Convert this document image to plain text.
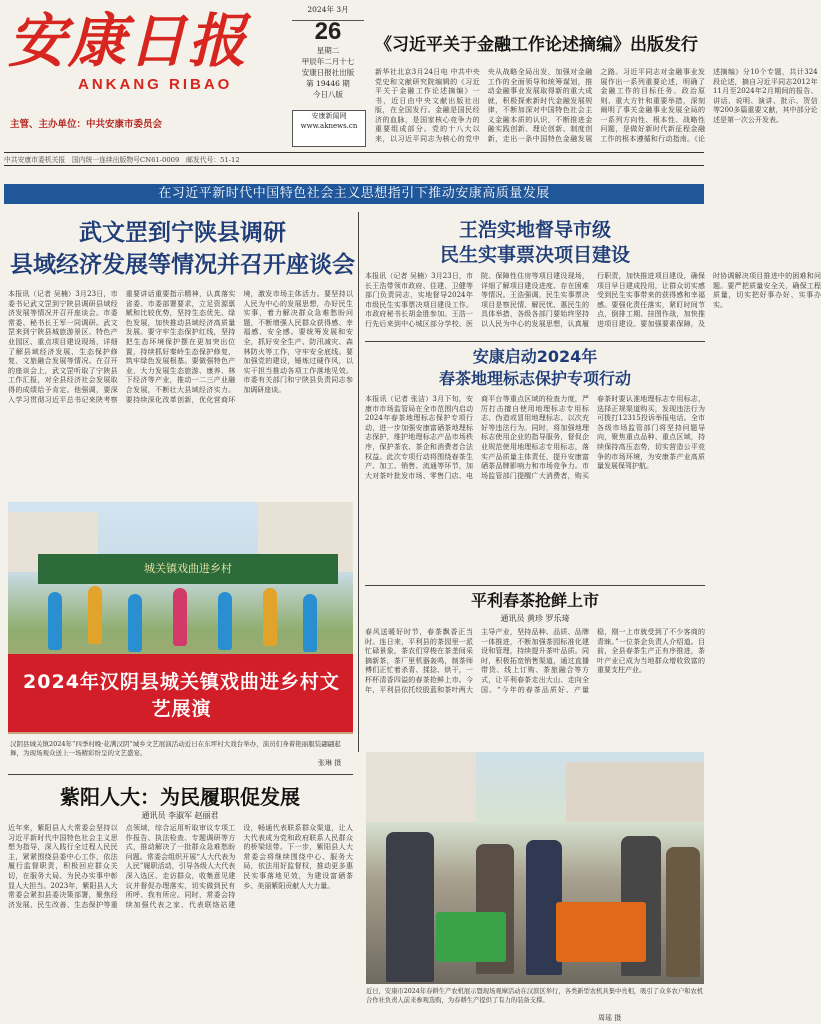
安康日报
ANKANG RIBAO
主管、主办单位：中共安康市委员会
2024年 3月
26
星期二
甲辰年二月十七
安康日报社出版
第 19446 期
今日八版
安康新闻网
www.aknews.cn
《习近平关于金融工作论述摘编》出版发行
新华社北京3月24日电 中共中央党史和文献研究院编辑的《习近平关于金融工作论述摘编》一书，近日由中央文献出版社出版，在全国发行。金融是国民经济的血脉，是国家核心竞争力的重要组成部分。党的十八大以来，以习近平同志为核心的党中央从战略全局出发，加强对金融工作的全面领导和统筹谋划，推动金融事业发展取得新的重大成就，积极探索新时代金融发展规律，不断加深对中国特色社会主义金融本质的认识，不断推进金融实践创新、理论创新、制度创新，走出一条中国特色金融发展之路。习近平同志对金融事业发展作出一系列重要论述，明确了金融工作的目标任务、政治原则、重大方针和重要举措，深刻阐明了事关金融事业发展全局的一系列方向性、根本性、战略性问题，是做好新时代新征程金融工作的根本遵循和行动指南。《论述摘编》分10个专题，共计324段论述，摘自习近平同志2012年11月至2024年2月期间的报告、讲话、说明、演讲、批示、贺信等200多篇重要文献，其中部分论述是第一次公开发表。
中共安康市委机关报　国内统一连续出版物号CN61-0009　邮发代号：51-12
在习近平新时代中国特色社会主义思想指引下推动安康高质量发展
武文罡到宁陕县调研
县域经济发展等情况并召开座谈会
本报讯（记者 吴楠）3月23日，市委书记武文罡到宁陕县调研县域经济发展等情况并召开座谈会。市委常委、秘书长王军一同调研。武文罡来到宁陕县城旅游景区、特色产业园区、重点项目建设现场，详细了解县域经济发展、生态保护修复、文旅融合发展等情况。在召开的座谈会上，武文罡听取了宁陕县工作汇报，对全县经济社会发展取得的成绩给予肯定。他强调，要深入学习贯彻习近平总书记来陕考察重要讲话重要指示精神，认真落实省委、市委部署要求，立足资源禀赋和比较优势，坚持生态优先、绿色发展，加快推动县域经济高质量发展。要守牢生态保护红线，坚持把生态环境保护摆在更加突出位置，持续抓好秦岭生态保护修复，筑牢绿色发展根基。要做强特色产业，大力发展生态旅游、康养、林下经济等产业，推动一二三产业融合发展，不断壮大县域经济实力。要持续深化改革创新，优化营商环境，激发市场主体活力。要坚持以人民为中心的发展思想，办好民生实事，着力解决群众急难愁盼问题，不断增强人民群众获得感、幸福感、安全感。要统筹发展和安全，抓好安全生产、防汛减灾、森林防火等工作，守牢安全底线。要加强党的建设，锤炼过硬作风，以实干担当推动各项工作落地见效。市委有关部门和宁陕县负责同志参加调研座谈。
王浩实地督导市级
民生实事票决项目建设
本报讯（记者 吴楠）3月23日，市长王浩带领市政府、住建、卫健等部门负责同志，实地督导2024年市级民生实事票决项目建设工作。市政府秘书长胡金胜参加。王浩一行先后来到中心城区部分学校、医院、保障性住房等项目建设现场，详细了解项目建设进度、存在困难等情况。王浩强调，民生实事票决项目是察民情、解民忧、惠民生的具体举措，各级各部门要始终坚持以人民为中心的发展思想，认真履行职责，加快推进项目建设，确保项目早日建成投用，让群众切实感受到民生实事带来的获得感和幸福感。要强化责任落实，紧盯时间节点，倒排工期、挂图作战，加快推进项目建设。要加强要素保障，及时协调解决项目推进中的困难和问题。要严把质量安全关，确保工程质量，切实把好事办好、实事办实。
安康启动2024年
春茶地理标志保护专项行动
本报讯（记者 张洁）3月下旬，安康市市场监管局在全市范围内启动2024年春茶地理标志保护专项行动，进一步加强安康富硒茶地理标志保护，维护地理标志产品市场秩序，保护茶农、茶企和消费者合法权益。此次专项行动将围绕春茶生产、加工、销售、流通等环节，加大对茶叶批发市场、零售门店、电商平台等重点区域的检查力度，严厉打击擅自使用地理标志专用标志、伪造或冒用地理标志、以次充好等违法行为。同时，将加强地理标志使用企业的指导服务，督促企业规范使用地理标志专用标志，落实产品质量主体责任，提升安康富硒茶品牌影响力和市场竞争力。市场监管部门提醒广大消费者，购买春茶时要认准地理标志专用标志，选择正规渠道购买，发现违法行为可拨打12315投诉举报电话。全市各级市场监管部门将坚持问题导向，聚焦重点品种、重点区域，持续保持高压态势，切实营造公平竞争的市场环境，为安康茶产业高质量发展保驾护航。
平利春茶抢鲜上市
通讯员 黄珍 罗乐琦
春风送暖好时节，春茶飘香正当时。连日来，平利县的茶园里一派忙碌景象，茶农们穿梭在茶垄间采摘新茶，茶厂里机器轰鸣，制茶师傅们正忙着杀青、揉捻、烘干，一杯杯清香四溢的春茶抢鲜上市。今年，平利县依托绞股蓝和茶叶两大主导产业，坚持品种、品质、品牌一体推进，不断加强茶园标准化建设和管理，持续提升茶叶品质。同时，积极拓宽销售渠道，通过直播带货、线上订购、茶旅融合等方式，让平利春茶走出大山、走向全国。“今年的春茶品质好、产量稳，刚一上市就受到了不少客商的青睐。”一位茶企负责人介绍道。目前，全县春茶生产正有序推进，茶叶产业已成为当地群众增收致富的重要支柱产业。
城关镇戏曲进乡村
2024年汉阴县城关镇戏曲进乡村文艺展演
汉阴县城关镇2024年“四季村晚·花满汉阴”城乡文艺展演活动近日在东坪村大戏台举办，演员们身着艳丽服装翩翩起舞，为现场观众送上一场精彩纷呈的文艺盛宴。
张琳 摄
紫阳人大：为民履职促发展
通讯员 李淑军 赵丽君
近年来，紫阳县人大常委会坚持以习近平新时代中国特色社会主义思想为指导，深入践行全过程人民民主，紧紧围绕县委中心工作，依法履行监督职责，积极回应群众关切，在服务大局、为民办实事中彰显人大担当。2023年，紫阳县人大常委会紧扣县委决策部署，聚焦经济发展、民生改善、生态保护等重点领域，综合运用听取审议专项工作报告、执法检查、专题调研等方式，推动解决了一批群众急难愁盼问题。常委会组织开展“人大代表为人民”履职活动，引导各级人大代表深入选区、走访群众，收集意见建议并督促办理落实，切实做到民有所呼、我有所应。同时，常委会持续加强代表之家、代表联络站建设，畅通代表联系群众渠道，让人大代表成为党和政府联系人民群众的桥梁纽带。下一步，紫阳县人大常委会将继续围绕中心、服务大局，依法用好监督权，推动更多惠民实事落地见效，为建设富硒茶乡、美丽紫阳贡献人大力量。
近日，安康市2024年春耕生产农机展示暨现场观摩活动在汉滨区举行，各类新型农机具集中亮相，吸引了众多农户和农机合作社负责人前来参观选购，为春耕生产提供了有力的装备支撑。
周瑶 摄
